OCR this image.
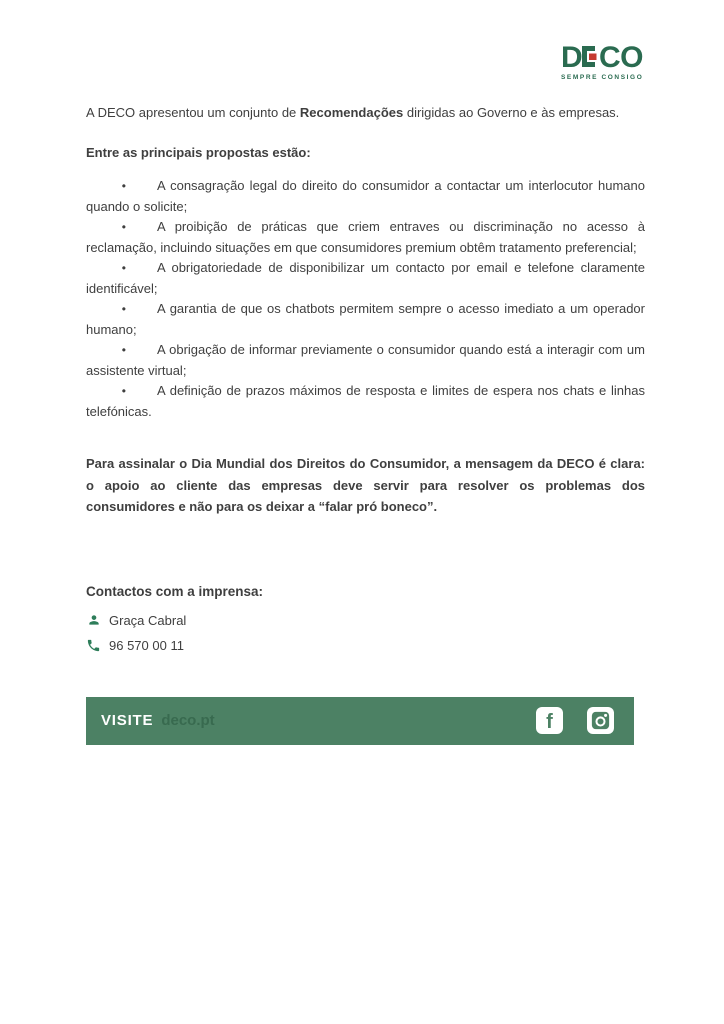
D CO
SEMPRE CONSIGO

A DECO apresentou um conjunto de Recomendações dirigidas ao Governo e às empresas.

Entre as principais propostas estão:

• A consagração legal do direito do consumidor a contactar um interlocutor humano quando o solicite;

• A proibição de práticas que criem entraves ou discriminação no acesso à reclamação, incluindo situações em que consumidores premium obtêm tratamento preferencial;

• A obrigatoriedade de disponibilizar um contacto por email e telefone claramente identificável;

• A garantia de que os chatbots permitem sempre o acesso imediato a um operador humano;

• A obrigação de informar previamente o consumidor quando está a interagir com um assistente virtual;

• A definição de prazos máximos de resposta e limites de espera nos chats e linhas telefónicas.

Para assinalar o Dia Mundial dos Direitos do Consumidor, a mensagem da DECO é clara: o apoio ao cliente das empresas deve servir para resolver os problemas dos consumidores e não para os deixar a “falar pró boneco”.

Contactos com a imprensa:

Graça Cabral
96 570 00 11
VISITE deco.pt	f
